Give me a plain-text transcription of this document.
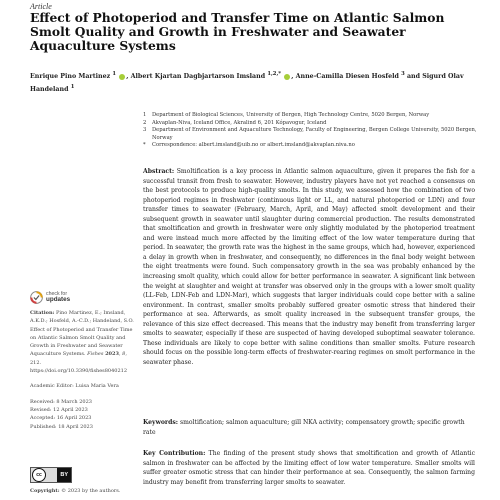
Article
Effect of Photoperiod and Transfer Time on Atlantic Salmon Smolt Quality and Growth in Freshwater and Seawater Aquaculture Systems
Enrique Pino Martinez $^1$ , Albert Kjartan Dagbjartarson Imsland $^{1,2,*}$ , Anne-Camilla Diesen Hosfeld $^3$ and Sigurd Olav Handeland $^1$
1	Department of Biological Sciences, University of Bergen, High Technology Centre, 5020 Bergen, Norway
2	Akvaplan-Niva, Iceland Office, Akralind 6, 201 Kópavogur, Iceland
3	Department of Environment and Aquaculture Technology, Faculty of Engineering, Bergen College University, 5020 Bergen, Norway
*	Correspondence: albert.imsland@uib.no or albert.imsland@akvaplan.niva.no

Abstract: Smoltification is a key process in Atlantic salmon aquaculture, given it prepares the fish for a successful transit from fresh to seawater. However, industry players have not yet reached a consensus on the best protocols to produce high-quality smolts. In this study, we assessed how the combination of two photoperiod regimes in freshwater (continuous light or LL, and natural photoperiod or LDN) and four transfer times to seawater (February, March, April, and May) affected smolt development and their subsequent growth in seawater until slaughter during commercial production. The results demonstrated that smoltification and growth in freshwater were only slightly modulated by the photoperiod treatment and were instead much more affected by the limiting effect of the low water temperature during that period. In seawater, the growth rate was the highest in the same groups, which had, however, experienced a delay in growth when in freshwater, and consequently, no differences in the final body weight between the eight treatments were found. Such compensatory growth in the sea was probably enhanced by the increasing smolt quality, which could allow for better performance in seawater. A significant link between the weight at slaughter and weight at transfer was observed only in the groups with a lower smolt quality (LL-Feb, LDN-Feb and LDN-Mar), which suggests that larger individuals could cope better with a saline environment. In contrast, smaller smolts probably suffered greater osmotic stress that hindered their performance at sea. Afterwards, as smolt quality increased in the subsequent transfer groups, the relevance of this size effect decreased. This means that the industry may benefit from transferring larger smolts to seawater, especially if these are suspected of having developed suboptimal seawater tolerance. These individuals are likely to cope better with saline conditions than smaller smolts. Future research should focus on the possible long-term effects of freshwater-rearing regimes on smolt performance in the seawater phase.

Keywords: smoltification; salmon aquaculture; gill NKA activity; compensatory growth; specific growth rate

Key Contribution: The finding of the present study shows that smoltification and growth of Atlantic salmon in freshwater can be affected by the limiting effect of low water temperature. Smaller smolts will suffer greater osmotic stress that can hinder their performance at sea. Consequently, the salmon farming industry may benefit from transferring larger smolts to seawater.

check for
updates

Citation: Pino Martinez, E.; Imsland, A.K.D.; Hosfeld, A.-C.D.; Handeland, S.O. Effect of Photoperiod and Transfer Time on Atlantic Salmon Smolt Quality and Growth in Freshwater and Seawater Aquaculture Systems. Fishes 2023, 8, 212. https://doi.org/10.3390/fishes8040212

Academic Editor: Luisa Maria Vera

Received: 8 March 2023

Revised: 12 April 2023

Accepted: 16 April 2023

Published: 18 April 2023

cc	BY
Copyright: © 2023 by the authors.
